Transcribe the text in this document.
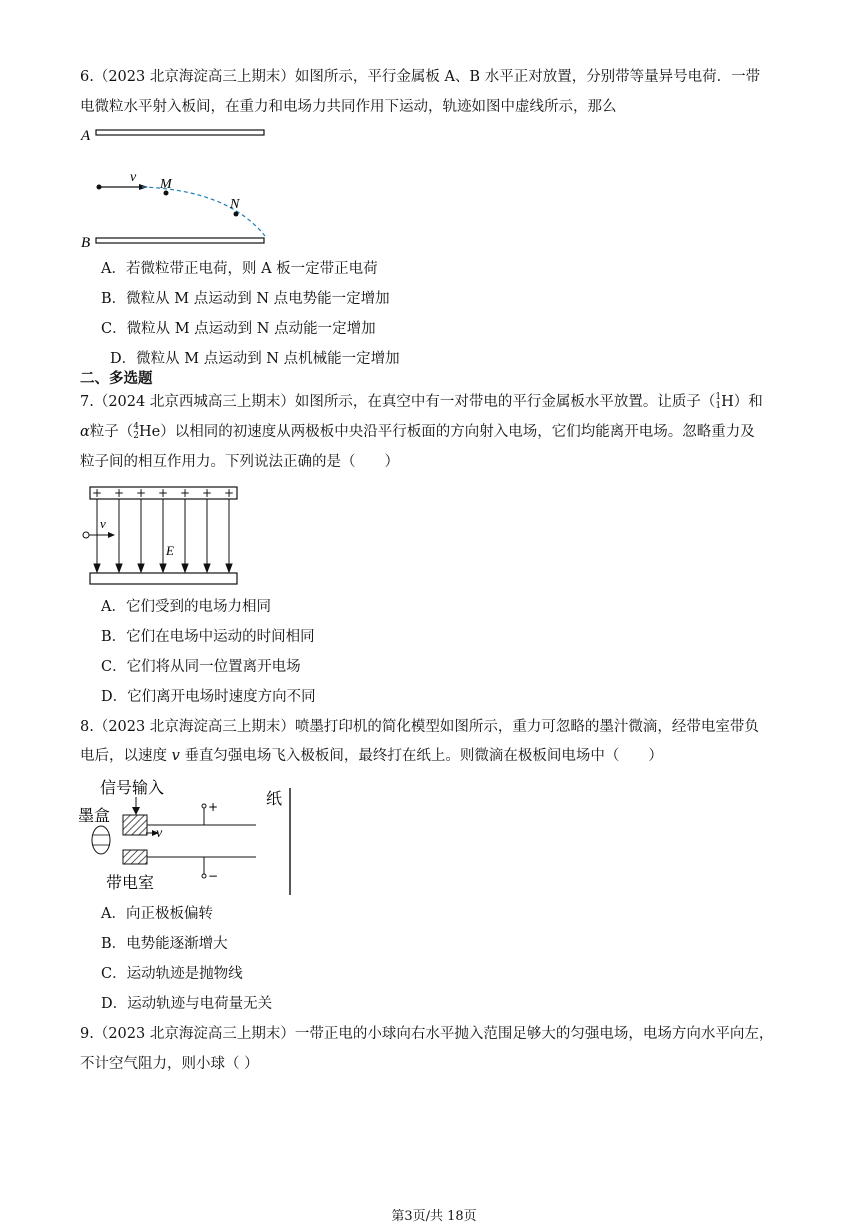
6.（2023 北京海淀高三上期末）如图所示，平行金属板 A、B 水平正对放置，分别带等量异号电荷．一带
电微粒水平射入板间，在重力和电场力共同作用下运动，轨迹如图中虚线所示，那么
A
B
v M
N
A．若微粒带正电荷，则 A 板一定带正电荷
B．微粒从 M 点运动到 N 点电势能一定增加
C．微粒从 M 点运动到 N 点动能一定增加
D．微粒从 M 点运动到 N 点机械能一定增加
二、多选题
7.（2024 北京西城高三上期末）如图所示，在真空中有一对带电的平行金属板水平放置。让质子（ 1
1 H）和
α粒子（ 4
2 He）以相同的初速度从两极板中央沿平行板面的方向射入电场，它们均能离开电场。忽略重力及
粒子间的相互作用力。下列说法正确的是（　　）
+ + + + + + +
v
E
A．它们受到的电场力相同
B．它们在电场中运动的时间相同
C．它们将从同一位置离开电场
D．它们离开电场时速度方向不同
8.（2023 北京海淀高三上期末）喷墨打印机的简化模型如图所示，重力可忽略的墨汁微滴，经带电室带负
电后，以速度 v 垂直匀强电场飞入极板间，最终打在纸上。则微滴在极板间电场中（　　）
信号输入
墨盒
v
+
−
带电室
纸
A．向正极板偏转
B．电势能逐渐增大
C．运动轨迹是抛物线
D．运动轨迹与电荷量无关
9.（2023 北京海淀高三上期末）一带正电的小球向右水平抛入范围足够大的匀强电场，电场方向水平向左，
不计空气阻力，则小球（ ）
第3页/共 18页
